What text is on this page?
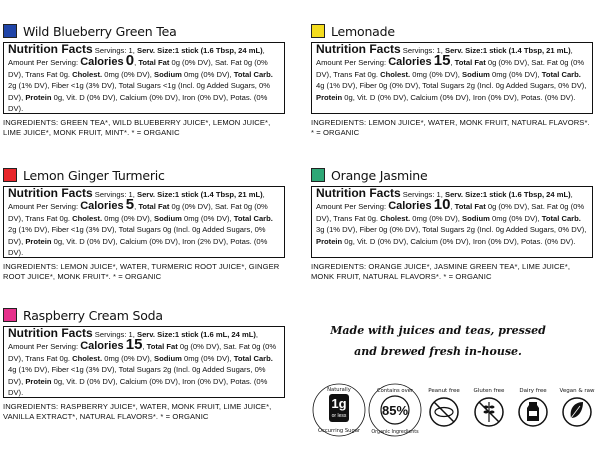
Wild Blueberry Green Tea
Nutrition Facts Servings: 1, Serv. Size:1 stick (1.6 Tbsp, 24 mL), Amount Per Serving: Calories 0, Total Fat 0g (0% DV), Sat. Fat 0g (0% DV), Trans Fat 0g. Cholest. 0mg (0% DV), Sodium 0mg (0% DV), Total Carb. 2g (1% DV), Fiber <1g (3% DV), Total Sugars <1g (Incl. 0g Added Sugars, 0% DV), Protein 0g, Vit. D (0% DV), Calcium (0% DV), Iron (0% DV), Potas. (0% DV).
INGREDIENTS: GREEN TEA*, WILD BLUEBERRY JUICE*, LEMON JUICE*, LIME JUICE*, MONK FRUIT, MINT*. * = ORGANIC
Lemonade
Nutrition Facts Servings: 1, Serv. Size:1 stick (1.4 Tbsp, 21 mL), Amount Per Serving: Calories 15, Total Fat 0g (0% DV), Sat. Fat 0g (0% DV), Trans Fat 0g. Cholest. 0mg (0% DV), Sodium 0mg (0% DV), Total Carb. 4g (1% DV), Fiber 0g (0% DV), Total Sugars 2g (Incl. 0g Added Sugars, 0% DV), Protein 0g, Vit. D (0% DV), Calcium (0% DV), Iron (0% DV), Potas. (0% DV).
INGREDIENTS: LEMON JUICE*, WATER, MONK FRUIT, NATURAL FLAVORS*. * = ORGANIC
Lemon Ginger Turmeric
Nutrition Facts Servings: 1, Serv. Size:1 stick (1.4 Tbsp, 21 mL), Amount Per Serving: Calories 5, Total Fat 0g (0% DV), Sat. Fat 0g (0% DV), Trans Fat 0g. Cholest. 0mg (0% DV), Sodium 0mg (0% DV), Total Carb. 2g (1% DV), Fiber <1g (3% DV), Total Sugars 0g (Incl. 0g Added Sugars, 0% DV), Protein 0g, Vit. D (0% DV), Calcium (0% DV), Iron (2% DV), Potas. (0% DV).
INGREDIENTS: LEMON JUICE*, WATER, TURMERIC ROOT JUICE*, GINGER ROOT JUICE*, MONK FRUIT*. * = ORGANIC
Orange Jasmine
Nutrition Facts Servings: 1, Serv. Size:1 stick (1.6 Tbsp, 24 mL), Amount Per Serving: Calories 10, Total Fat 0g (0% DV), Sat. Fat 0g (0% DV), Trans Fat 0g. Cholest. 0mg (0% DV), Sodium 0mg (0% DV), Total Carb. 3g (1% DV), Fiber 0g (0% DV), Total Sugars 2g (Incl. 0g Added Sugars, 0% DV), Protein 0g, Vit. D (0% DV), Calcium (0% DV), Iron (0% DV), Potas. (0% DV).
INGREDIENTS: ORANGE JUICE*, JASMINE GREEN TEA*, LIME JUICE*, MONK FRUIT, NATURAL FLAVORS*. * = ORGANIC
Raspberry Cream Soda
Nutrition Facts Servings: 1, Serv. Size:1 stick (1.6 mL, 24 mL), Amount Per Serving: Calories 15, Total Fat 0g (0% DV), Sat. Fat 0g (0% DV), Trans Fat 0g. Cholest. 0mg (0% DV), Sodium 0mg (0% DV), Total Carb. 4g (1% DV), Fiber <1g (3% DV), Total Sugars 2g (Incl. 0g Added Sugars, 0% DV), Protein 0g, Vit. D (0% DV), Calcium (0% DV), Iron (0% DV), Potas. (0% DV).
INGREDIENTS: RASPBERRY JUICE*, WATER, MONK FRUIT, LIME JUICE*, VANILLA EXTRACT*, NATURAL FLAVORS*. * = ORGANIC
Made with juices and teas, pressed and brewed fresh in-house.
1g
or less
Naturally
Occurring Sugar
85%
Contains over
Organic Ingredients
Peanut free Gluten free	Dairy free Vegan & raw
